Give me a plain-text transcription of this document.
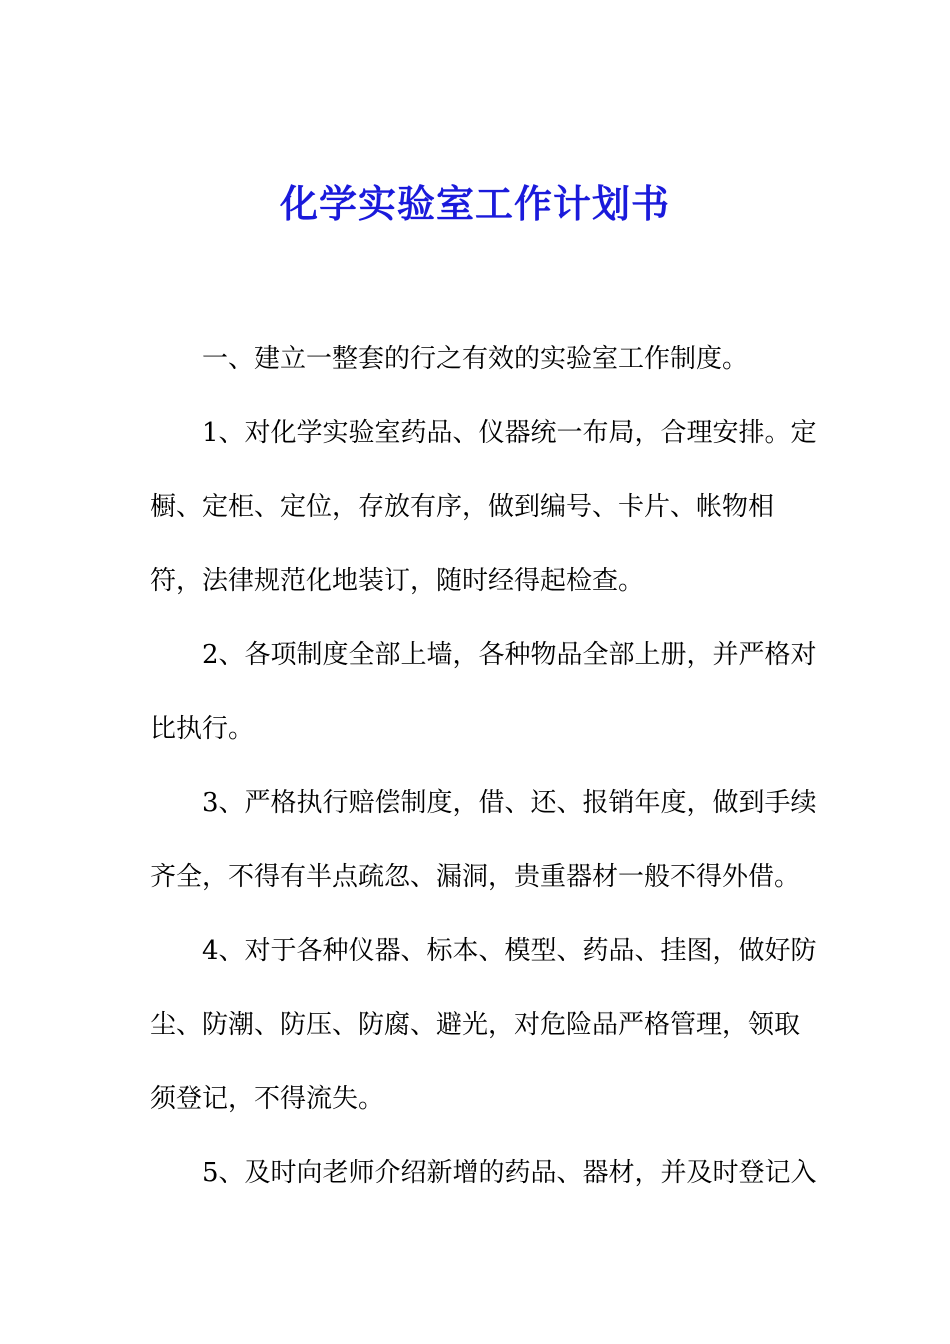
化学实验室工作计划书
一、建立一整套的行之有效的实验室工作制度。
1、对化学实验室药品、仪器统一布局，合理安排。定
橱、定柜、定位，存放有序，做到编号、卡片、帐物相
符，法律规范化地装订，随时经得起检查。
2、各项制度全部上墙，各种物品全部上册，并严格对
比执行。
3、严格执行赔偿制度，借、还、报销年度，做到手续
齐全，不得有半点疏忽、漏洞，贵重器材一般不得外借。
4、对于各种仪器、标本、模型、药品、挂图，做好防
尘、防潮、防压、防腐、避光，对危险品严格管理，领取
须登记，不得流失。
5、及时向老师介绍新增的药品、器材，并及时登记入
